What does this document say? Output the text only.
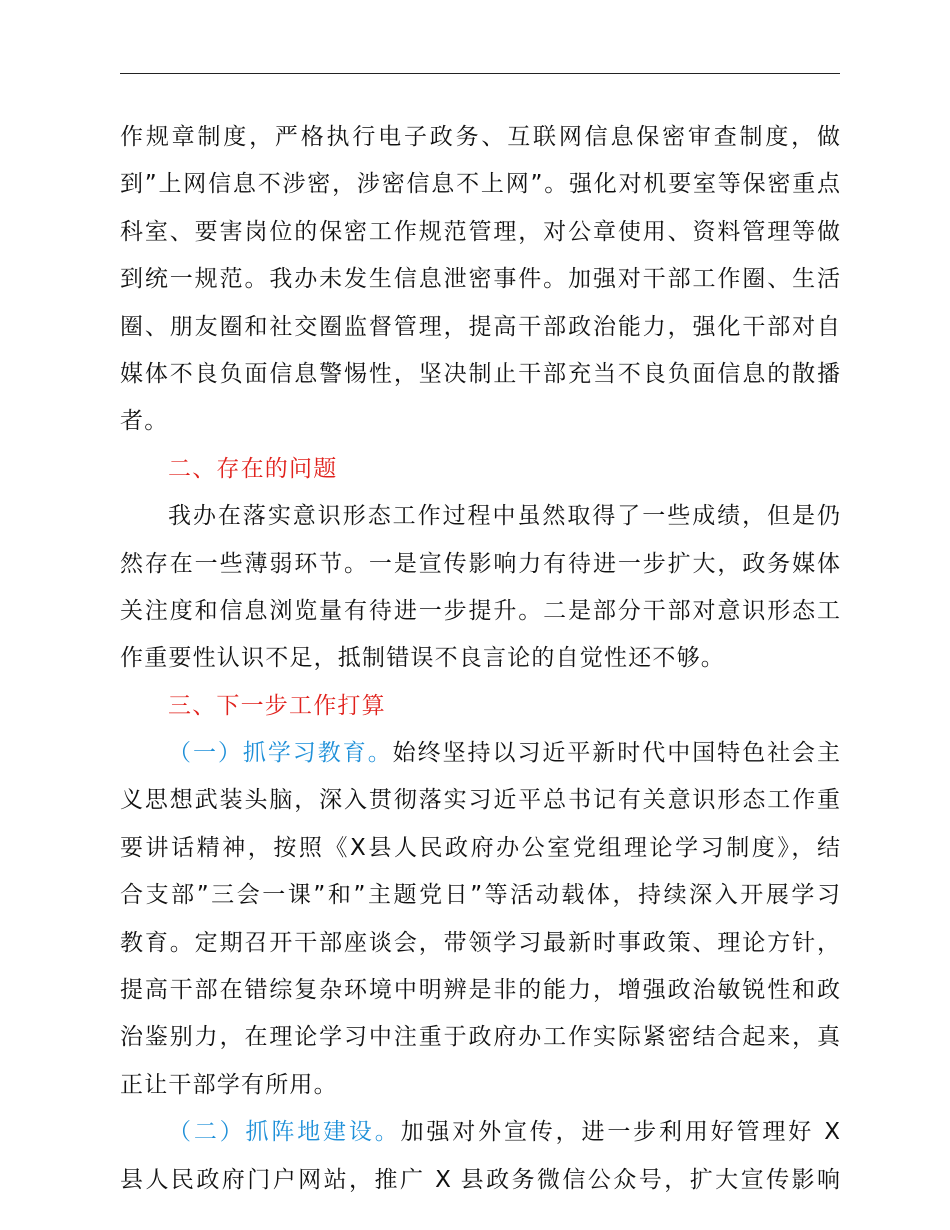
作规章制度，严格执行电子政务、互联网信息保密审查制度，做
到”上网信息不涉密，涉密信息不上网”。强化对机要室等保密重点
科室、要害岗位的保密工作规范管理，对公章使用、资料管理等做
到统一规范。我办未发生信息泄密事件。加强对干部工作圈、生活
圈、朋友圈和社交圈监督管理，提高干部政治能力，强化干部对自
媒体不良负面信息警惕性，坚决制止干部充当不良负面信息的散播
者。
二、存在的问题
我办在落实意识形态工作过程中虽然取得了一些成绩，但是仍
然存在一些薄弱环节。一是宣传影响力有待进一步扩大，政务媒体
关注度和信息浏览量有待进一步提升。二是部分干部对意识形态工
作重要性认识不足，抵制错误不良言论的自觉性还不够。
三、下一步工作打算
（一）抓学习教育。始终坚持以习近平新时代中国特色社会主
义思想武装头脑，深入贯彻落实习近平总书记有关意识形态工作重
要讲话精神，按照《X县人民政府办公室党组理论学习制度》，结
合支部”三会一课”和”主题党日”等活动载体，持续深入开展学习
教育。定期召开干部座谈会，带领学习最新时事政策、理论方针，
提高干部在错综复杂环境中明辨是非的能力，增强政治敏锐性和政
治鉴别力，在理论学习中注重于政府办工作实际紧密结合起来，真
正让干部学有所用。
（二）抓阵地建设。加强对外宣传，进一步利用好管理好 X
县人民政府门户网站，推广 X 县政务微信公众号，扩大宣传影响
